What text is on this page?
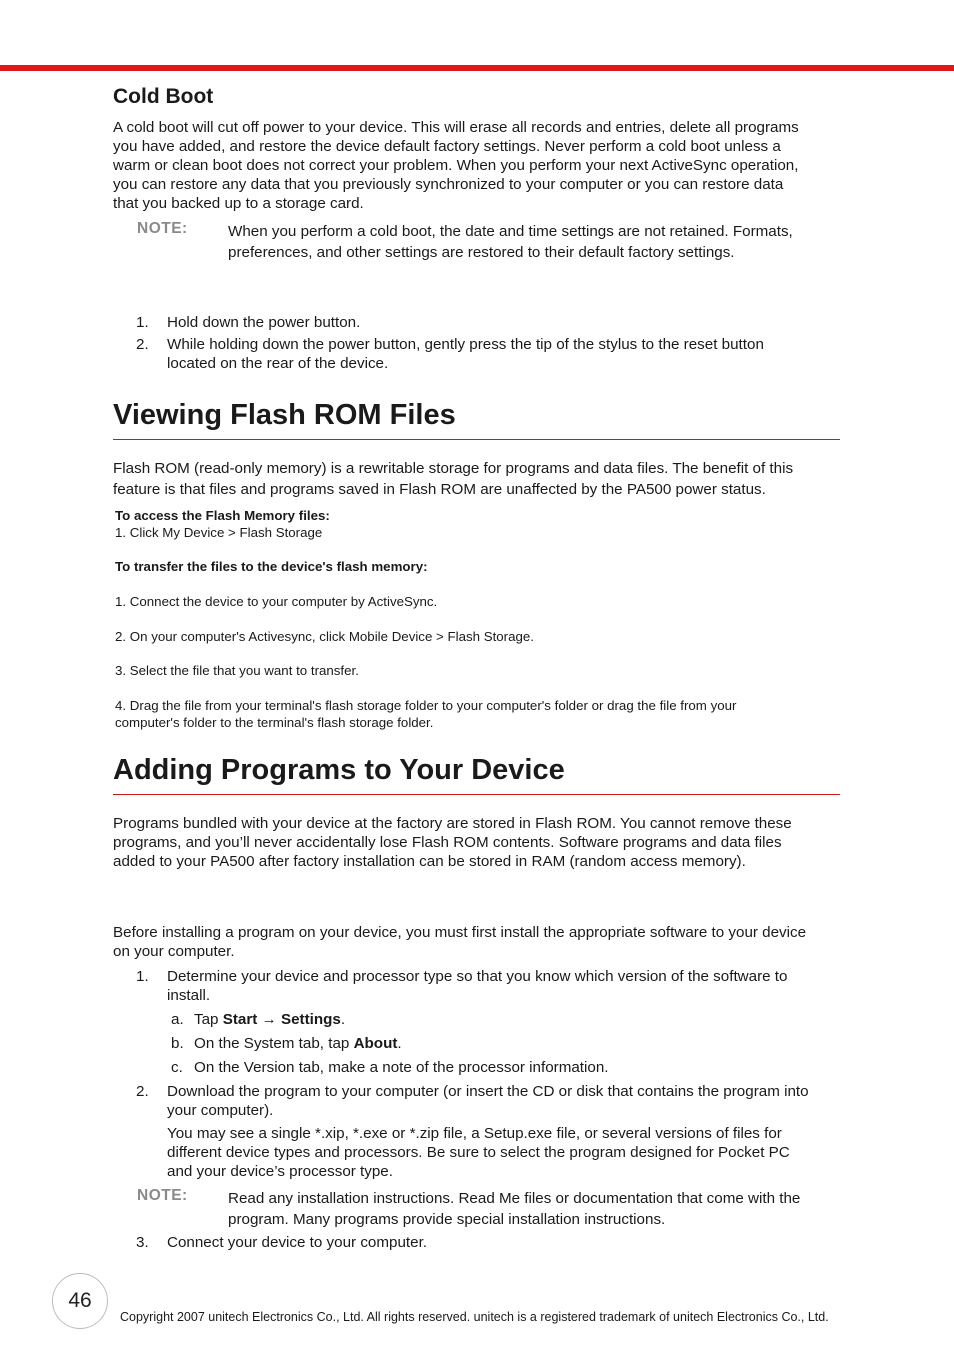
Cold Boot
A cold boot will cut off power to your device. This will erase all records and entries, delete all programs
you have added, and restore the device default factory settings. Never perform a cold boot unless a
warm or clean boot does not correct your problem. When you perform your next ActiveSync operation,
you can restore any data that you previously synchronized to your computer or you can restore data
that you backed up to a storage card.
NOTE:	When you perform a cold boot, the date and time settings are not retained. Formats,
preferences, and other settings are restored to their default factory settings.
1. Hold down the power button.
2. While holding down the power button, gently press the tip of the stylus to the reset button
located on the rear of the device.
Viewing Flash ROM Files
Flash ROM (read-only memory) is a rewritable storage for programs and data files. The benefit of this
feature is that files and programs saved in Flash ROM are unaffected by the PA500 power status.
To access the Flash Memory files:
1. Click My Device > Flash Storage
To transfer the files to the device's flash memory:
1. Connect the device to your computer by ActiveSync.
2. On your computer's Activesync, click Mobile Device > Flash Storage.
3. Select the file that you want to transfer.
4. Drag the file from your terminal's flash storage folder to your computer's folder or drag the file from your
computer's folder to the terminal's flash storage folder.
Adding Programs to Your Device
Programs bundled with your device at the factory are stored in Flash ROM. You cannot remove these
programs, and you’ll never accidentally lose Flash ROM contents. Software programs and data files
added to your PA500 after factory installation can be stored in RAM (random access memory).
Before installing a program on your device, you must first install the appropriate software to your device
on your computer.
1. Determine your device and processor type so that you know which version of the software to
install.
a. Tap Start → Settings.
b. On the System tab, tap About.
c. On the Version tab, make a note of the processor information.
2. Download the program to your computer (or insert the CD or disk that contains the program into
your computer).
You may see a single *.xip, *.exe or *.zip file, a Setup.exe file, or several versions of files for
different device types and processors. Be sure to select the program designed for Pocket PC
and your device’s processor type.
NOTE:	Read any installation instructions. Read Me files or documentation that come with the
program. Many programs provide special installation instructions.
3. Connect your device to your computer.
46
Copyright 2007 unitech Electronics Co., Ltd. All rights reserved. unitech is a registered trademark of unitech Electronics Co., Ltd.
